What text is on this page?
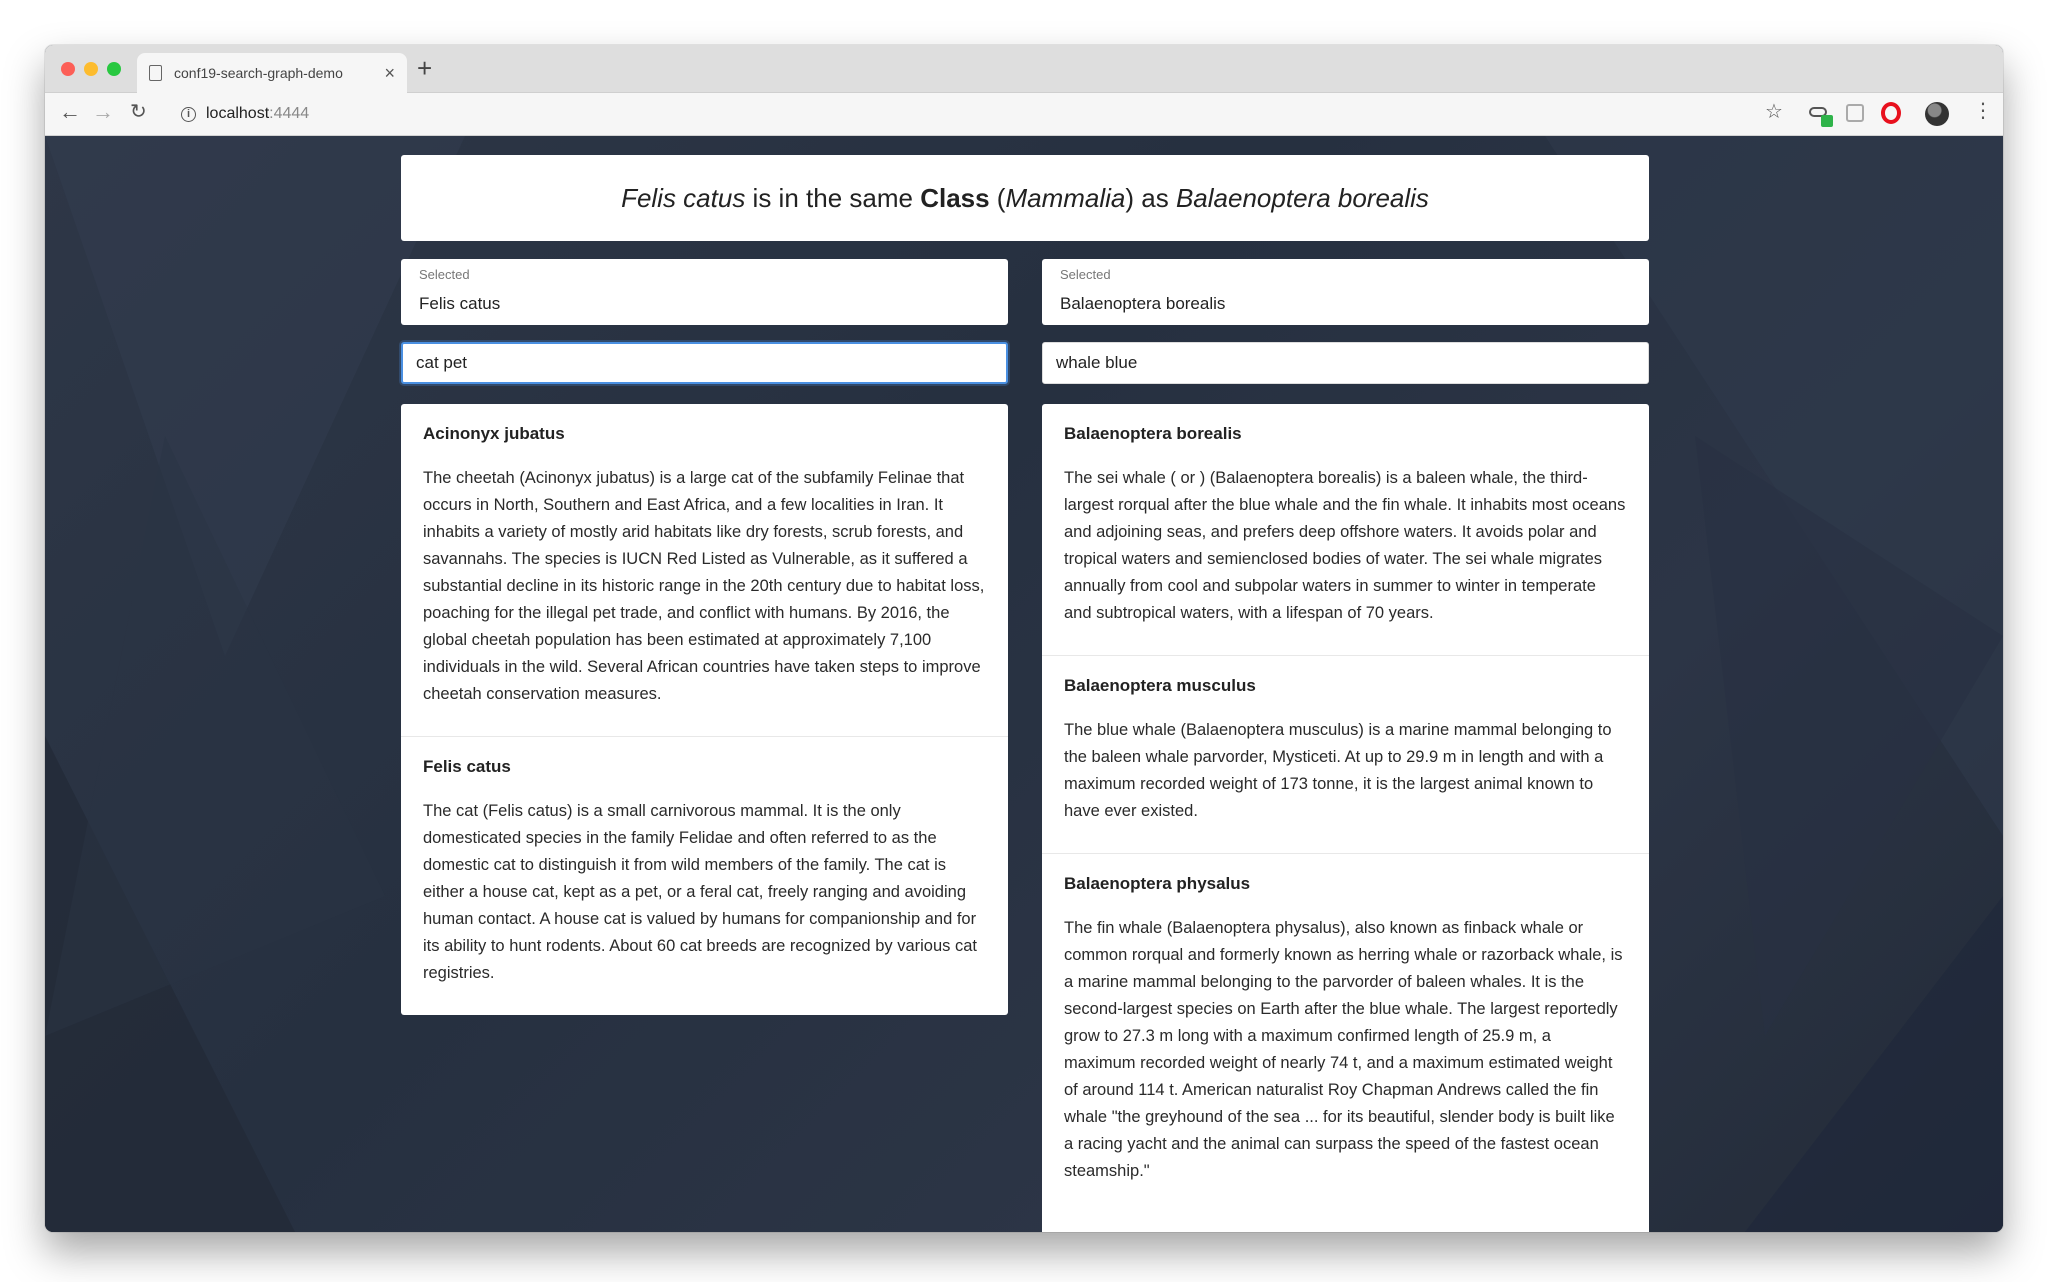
conf19-search-graph-demo	× +
← → ↻	i localhost :4444	☆	⋮
Felis catus is in the same Class (Mammalia) as Balaenoptera borealis
Selected
Felis catus
Selected
Balaenoptera borealis
cat pet
whale blue
Acinonyx jubatus
The cheetah (Acinonyx jubatus) is a large cat of the subfamily Felinae that occurs in North, Southern and East Africa, and a few localities in Iran. It inhabits a variety of mostly arid habitats like dry forests, scrub forests, and savannahs. The species is IUCN Red Listed as Vulnerable, as it suffered a substantial decline in its historic range in the 20th century due to habitat loss, poaching for the illegal pet trade, and conflict with humans. By 2016, the global cheetah population has been estimated at approximately 7,100 individuals in the wild. Several African countries have taken steps to improve cheetah conservation measures.
Felis catus
The cat (Felis catus) is a small carnivorous mammal. It is the only domesticated species in the family Felidae and often referred to as the domestic cat to distinguish it from wild members of the family. The cat is either a house cat, kept as a pet, or a feral cat, freely ranging and avoiding human contact. A house cat is valued by humans for companionship and for its ability to hunt rodents. About 60 cat breeds are recognized by various cat registries.
Balaenoptera borealis
The sei whale ( or ) (Balaenoptera borealis) is a baleen whale, the third-largest rorqual after the blue whale and the fin whale. It inhabits most oceans and adjoining seas, and prefers deep offshore waters. It avoids polar and tropical waters and semienclosed bodies of water. The sei whale migrates annually from cool and subpolar waters in summer to winter in temperate and subtropical waters, with a lifespan of 70 years.
Balaenoptera musculus
The blue whale (Balaenoptera musculus) is a marine mammal belonging to the baleen whale parvorder, Mysticeti. At up to 29.9 m in length and with a maximum recorded weight of 173 tonne, it is the largest animal known to have ever existed.
Balaenoptera physalus
The fin whale (Balaenoptera physalus), also known as finback whale or common rorqual and formerly known as herring whale or razorback whale, is a marine mammal belonging to the parvorder of baleen whales. It is the second-largest species on Earth after the blue whale. The largest reportedly grow to 27.3 m long with a maximum confirmed length of 25.9 m, a maximum recorded weight of nearly 74 t, and a maximum estimated weight of around 114 t. American naturalist Roy Chapman Andrews called the fin whale "the greyhound of the sea ... for its beautiful, slender body is built like a racing yacht and the animal can surpass the speed of the fastest ocean steamship."
